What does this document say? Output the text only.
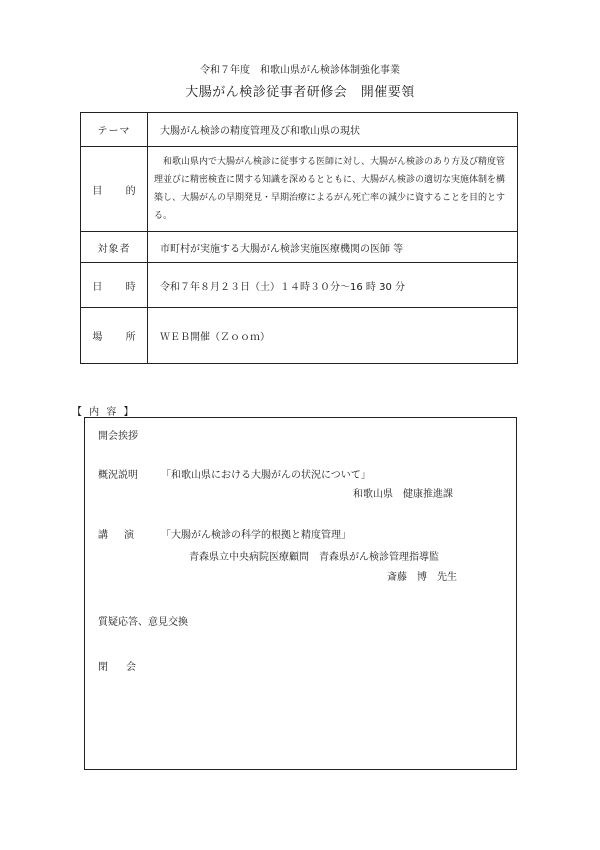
令和７年度　和歌山県がん検診体制強化事業
大腸がん検診従事者研修会　開催要領
テーマ	大腸がん検診の精度管理及び和歌山県の現状
目 的	和歌山県内で大腸がん検診に従事する医師に対し、大腸がん検診のあり方及び精度管理並びに精密検査に関する知識を深めるとともに、大腸がん検診の適切な実施体制を構築し、大腸がんの早期発見・早期治療によるがん死亡率の減少に資することを目的とする。
対象者	市町村が実施する大腸がん検診実施医療機関の医師 等
日 時	令和７年８月２３日（土）１４時３０分～16 時 30 分
場 所	ＷＥＢ開催（Ｚｏｏｍ）
【 内 容 】
開会挨拶
概況説明 「和歌山県における大腸がんの状況について」
和歌山県　健康推進課
講演 「大腸がん検診の科学的根拠と精度管理」
青森県立中央病院医療顧問　青森県がん検診管理指導監
斎藤　博　先生
質疑応答、意見交換
閉会
